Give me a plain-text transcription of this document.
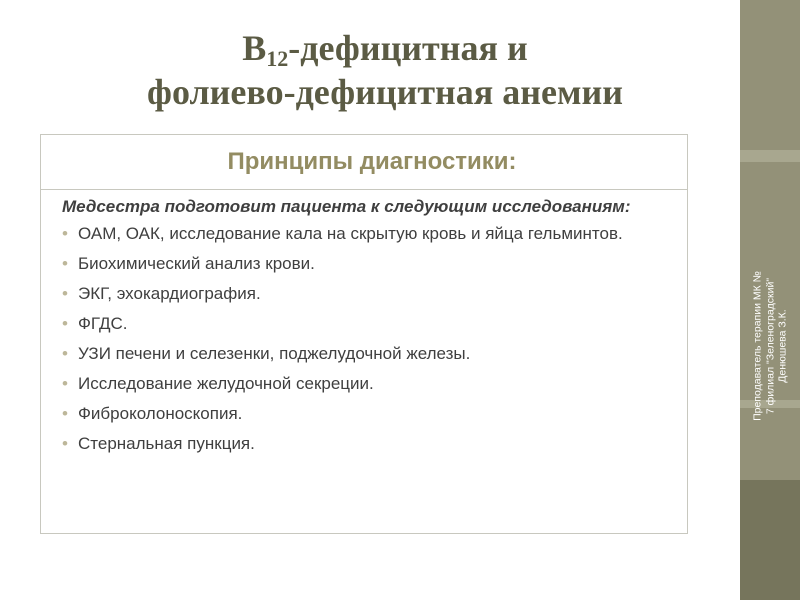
$B_{12}$-дефицитная и
фолиево-дефицитная анемии
Принципы диагностики:

Медсестра подготовит пациента к следующим исследованиям:

• ОАМ, ОАК, исследование кала на скрытую кровь и яйца гельминтов.
• Биохимический анализ крови.
• ЭКГ, эхокардиография.
• ФГДС.
• УЗИ печени и селезенки, поджелудочной железы.
• Исследование желудочной секреции.
• Фиброколоноскопия.
• Стернальная пункция.
Преподаватель терапии МК № 7 филиал "Зеленоградский" Денюшева З.К.
